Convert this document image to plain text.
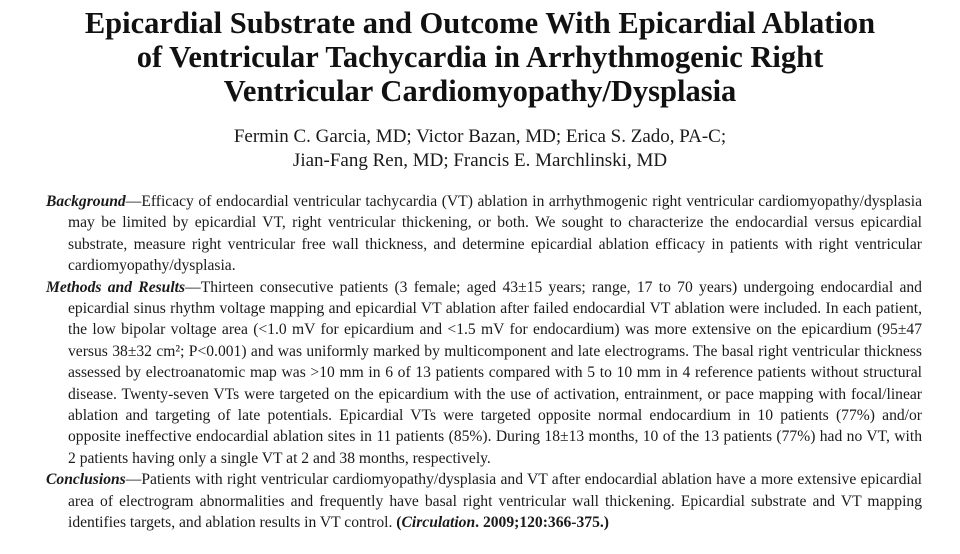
Epicardial Substrate and Outcome With Epicardial Ablation
of Ventricular Tachycardia in Arrhythmogenic Right
Ventricular Cardiomyopathy/Dysplasia

Fermin C. Garcia, MD; Victor Bazan, MD; Erica S. Zado, PA-C;
Jian-Fang Ren, MD; Francis E. Marchlinski, MD

Background—Efficacy of endocardial ventricular tachycardia (VT) ablation in arrhythmogenic right ventricular cardiomyopathy/dysplasia may be limited by epicardial VT, right ventricular thickening, or both. We sought to characterize the endocardial versus epicardial substrate, measure right ventricular free wall thickness, and determine epicardial ablation efficacy in patients with right ventricular cardiomyopathy/dysplasia.

Methods and Results—Thirteen consecutive patients (3 female; aged 43±15 years; range, 17 to 70 years) undergoing endocardial and epicardial sinus rhythm voltage mapping and epicardial VT ablation after failed endocardial VT ablation were included. In each patient, the low bipolar voltage area (<1.0 mV for epicardium and <1.5 mV for endocardium) was more extensive on the epicardium (95±47 versus 38±32 cm²; P<0.001) and was uniformly marked by multicomponent and late electrograms. The basal right ventricular thickness assessed by electroanatomic map was >10 mm in 6 of 13 patients compared with 5 to 10 mm in 4 reference patients without structural disease. Twenty-seven VTs were targeted on the epicardium with the use of activation, entrainment, or pace mapping with focal/linear ablation and targeting of late potentials. Epicardial VTs were targeted opposite normal endocardium in 10 patients (77%) and/or opposite ineffective endocardial ablation sites in 11 patients (85%). During 18±13 months, 10 of the 13 patients (77%) had no VT, with 2 patients having only a single VT at 2 and 38 months, respectively.

Conclusions—Patients with right ventricular cardiomyopathy/dysplasia and VT after endocardial ablation have a more extensive epicardial area of electrogram abnormalities and frequently have basal right ventricular wall thickening. Epicardial substrate and VT mapping identifies targets, and ablation results in VT control. (Circulation. 2009;120:366-375.)
